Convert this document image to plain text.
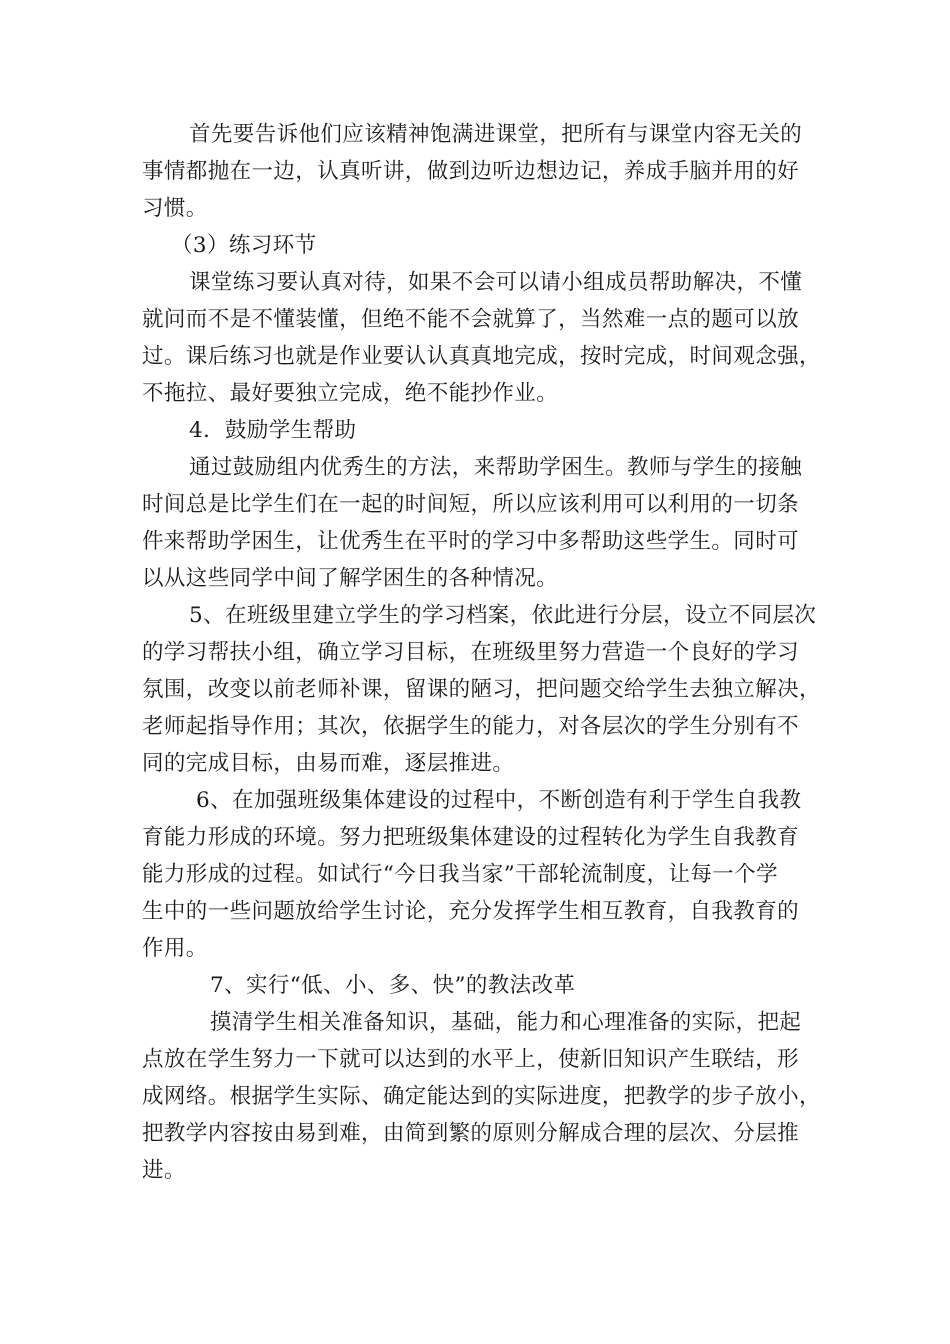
首先要告诉他们应该精神饱满进课堂，把所有与课堂内容无关的
事情都抛在一边，认真听讲，做到边听边想边记，养成手脑并用的好
习惯。
（3）练习环节
课堂练习要认真对待，如果不会可以请小组成员帮助解决，不懂
就问而不是不懂装懂，但绝不能不会就算了，当然难一点的题可以放
过。课后练习也就是作业要认认真真地完成，按时完成，时间观念强，
不拖拉、最好要独立完成，绝不能抄作业。
4．鼓励学生帮助
通过鼓励组内优秀生的方法，来帮助学困生。教师与学生的接触
时间总是比学生们在一起的时间短，所以应该利用可以利用的一切条
件来帮助学困生，让优秀生在平时的学习中多帮助这些学生。同时可
以从这些同学中间了解学困生的各种情况。
5、在班级里建立学生的学习档案，依此进行分层，设立不同层次
的学习帮扶小组，确立学习目标，在班级里努力营造一个良好的学习
氛围，改变以前老师补课，留课的陋习，把问题交给学生去独立解决，
老师起指导作用；其次，依据学生的能力，对各层次的学生分别有不
同的完成目标，由易而难，逐层推进。
6、在加强班级集体建设的过程中，不断创造有利于学生自我教
育能力形成的环境。努力把班级集体建设的过程转化为学生自我教育
能力形成的过程。如试行“今日我当家”干部轮流制度，让每一个学
生中的一些问题放给学生讨论，充分发挥学生相互教育，自我教育的
作用。
7、实行“低、小、多、快”的教法改革
摸清学生相关准备知识，基础，能力和心理准备的实际，把起
点放在学生努力一下就可以达到的水平上，使新旧知识产生联结，形
成网络。根据学生实际、确定能达到的实际进度，把教学的步子放小，
把教学内容按由易到难，由简到繁的原则分解成合理的层次、分层推
进。
